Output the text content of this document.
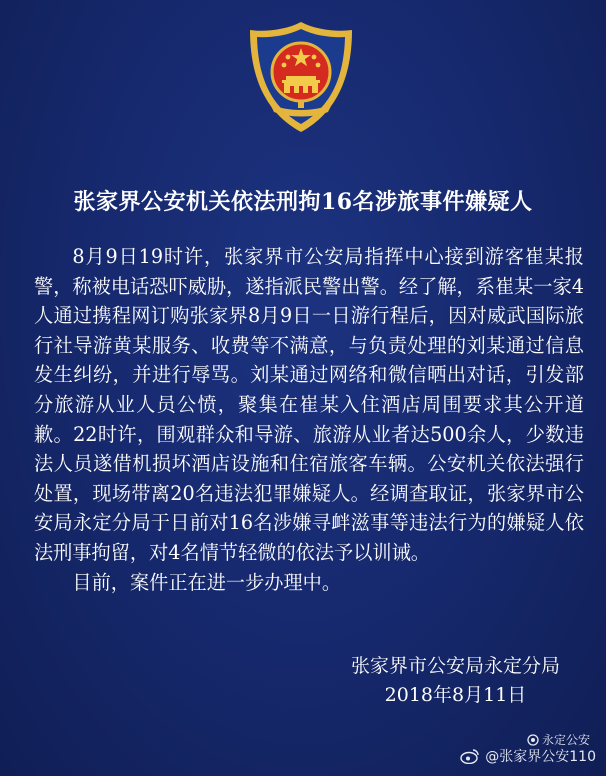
张家界公安机关依法刑拘16名涉旅事件嫌疑人

8月9日19时许，张家界市公安局指挥中心接到游客崔某报警，称被电话恐吓威胁，遂指派民警出警。经了解，系崔某一家4人通过携程网订购张家界8月9日一日游行程后，因对威武国际旅行社导游黄某服务、收费等不满意，与负责处理的刘某通过信息发生纠纷，并进行辱骂。刘某通过网络和微信晒出对话，引发部分旅游从业人员公愤，聚集在崔某入住酒店周围要求其公开道歉。22时许，围观群众和导游、旅游从业者达500余人，少数违法人员遂借机损坏酒店设施和住宿旅客车辆。公安机关依法强行处置，现场带离20名违法犯罪嫌疑人。经调查取证，张家界市公安局永定分局于日前对16名涉嫌寻衅滋事等违法行为的嫌疑人依法刑事拘留，对4名情节轻微的依法予以训诫。

目前，案件正在进一步办理中。

张家界市公安局永定分局
2018年8月11日
永定公安
@张家界公安110
